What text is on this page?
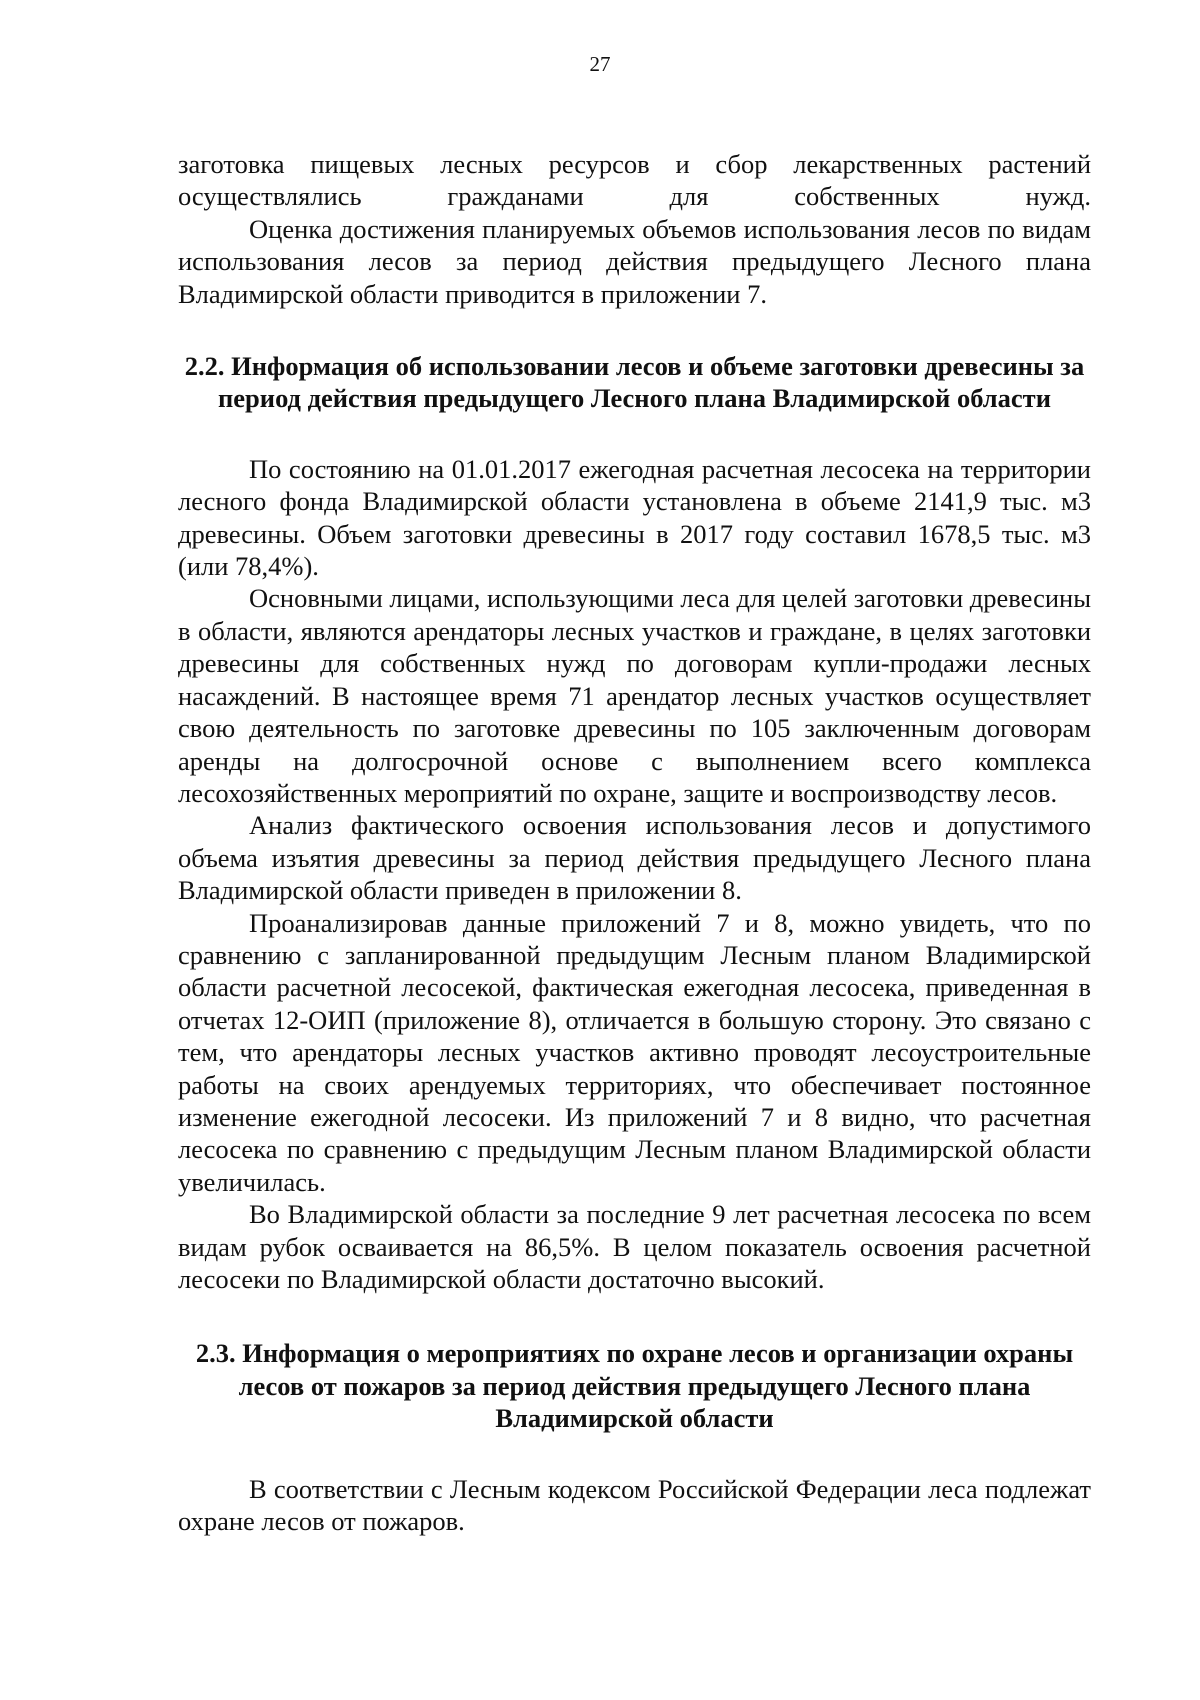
27

заготовка пищевых лесных ресурсов и сбор лекарственных растений осуществлялись гражданами для собственных нужд.

Оценка достижения планируемых объемов использования лесов по видам использования лесов за период действия предыдущего Лесного плана Владимирской области приводится в приложении 7.

2.2. Информация об использовании лесов и объеме заготовки древесины за период действия предыдущего Лесного плана Владимирской области

По состоянию на 01.01.2017 ежегодная расчетная лесосека на территории лесного фонда Владимирской области установлена в объеме 2141,9 тыс. м3 древесины. Объем заготовки древесины в 2017 году составил 1678,5 тыс. м3 (или 78,4%).

Основными лицами, использующими леса для целей заготовки древесины в области, являются арендаторы лесных участков и граждане, в целях заготовки древесины для собственных нужд по договорам купли-продажи лесных насаждений. В настоящее время 71 арендатор лесных участков осуществляет свою деятельность по заготовке древесины по 105 заключенным договорам аренды на долгосрочной основе с выполнением всего комплекса лесохозяйственных мероприятий по охране, защите и воспроизводству лесов.

Анализ фактического освоения использования лесов и допустимого объема изъятия древесины за период действия предыдущего Лесного плана Владимирской области приведен в приложении 8.

Проанализировав данные приложений 7 и 8, можно увидеть, что по сравнению с запланированной предыдущим Лесным планом Владимирской области расчетной лесосекой, фактическая ежегодная лесосека, приведенная в отчетах 12-ОИП (приложение 8), отличается в большую сторону. Это связано с тем, что арендаторы лесных участков активно проводят лесоустроительные работы на своих арендуемых территориях, что обеспечивает постоянное изменение ежегодной лесосеки. Из приложений 7 и 8 видно, что расчетная лесосека по сравнению с предыдущим Лесным планом Владимирской области увеличилась.

Во Владимирской области за последние 9 лет расчетная лесосека по всем видам рубок осваивается на 86,5%. В целом показатель освоения расчетной лесосеки по Владимирской области достаточно высокий.

2.3. Информация о мероприятиях по охране лесов и организации охраны лесов от пожаров за период действия предыдущего Лесного плана Владимирской области

В соответствии с Лесным кодексом Российской Федерации леса подлежат охране лесов от пожаров.
